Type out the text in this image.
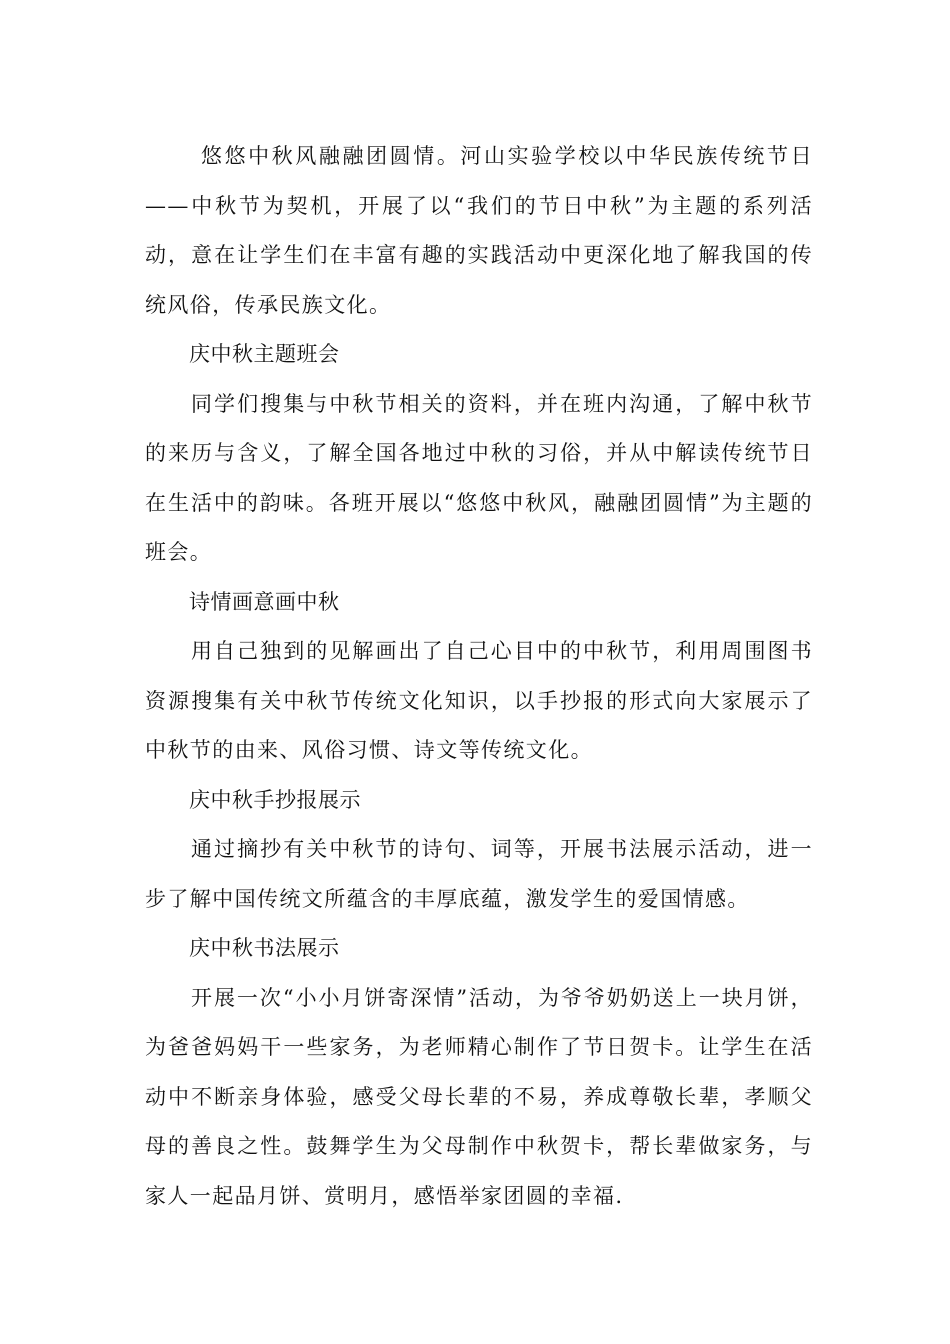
悠悠中秋风融融团圆情。河山实验学校以中华民族传统节日——中秋节为契机，开展了以“我们的节日中秋”为主题的系列活动，意在让学生们在丰富有趣的实践活动中更深化地了解我国的传统风俗，传承民族文化。

庆中秋主题班会

同学们搜集与中秋节相关的资料，并在班内沟通，了解中秋节的来历与含义，了解全国各地过中秋的习俗，并从中解读传统节日在生活中的韵味。各班开展以“悠悠中秋风，融融团圆情”为主题的班会。

诗情画意画中秋

用自己独到的见解画出了自己心目中的中秋节，利用周围图书资源搜集有关中秋节传统文化知识，以手抄报的形式向大家展示了中秋节的由来、风俗习惯、诗文等传统文化。

庆中秋手抄报展示

通过摘抄有关中秋节的诗句、词等，开展书法展示活动，进一步了解中国传统文所蕴含的丰厚底蕴，激发学生的爱国情感。

庆中秋书法展示

开展一次“小小月饼寄深情”活动，为爷爷奶奶送上一块月饼，为爸爸妈妈干一些家务，为老师精心制作了节日贺卡。让学生在活动中不断亲身体验，感受父母长辈的不易，养成尊敬长辈，孝顺父母的善良之性。鼓舞学生为父母制作中秋贺卡，帮长辈做家务，与家人一起品月饼、赏明月，感悟举家团圆的幸福.
